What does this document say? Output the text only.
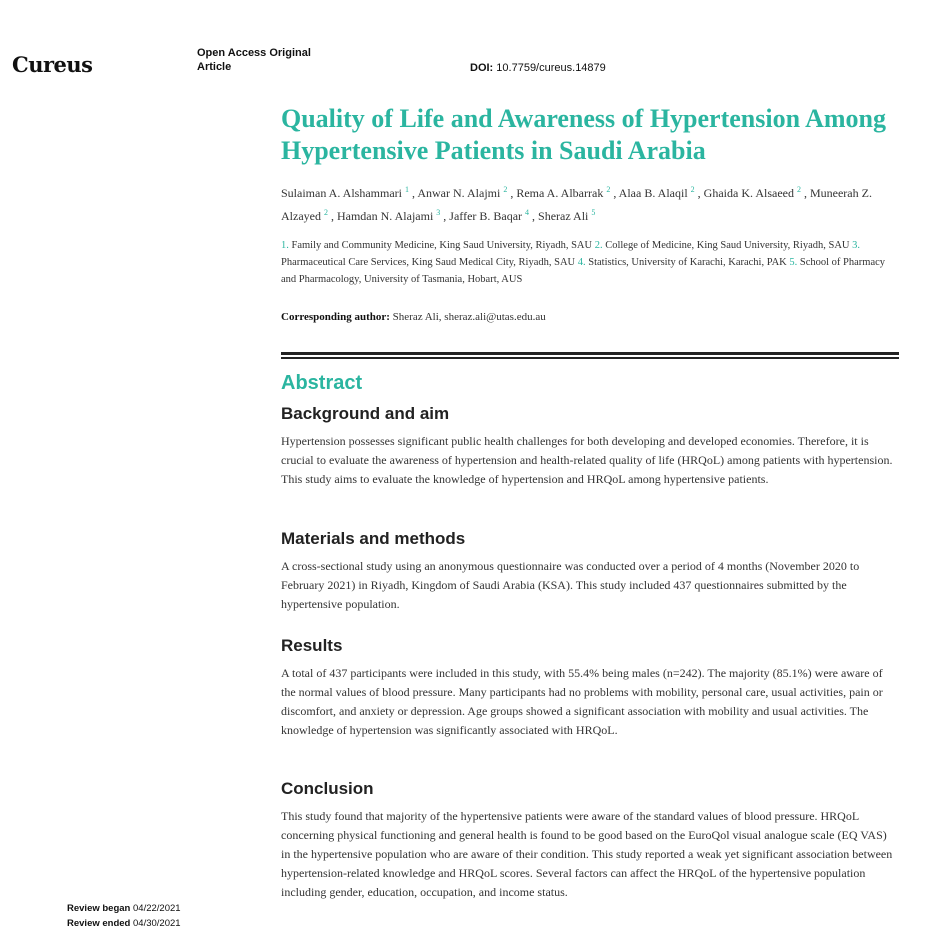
Cureus	Open Access Original Article	DOI: 10.7759/cureus.14879
Quality of Life and Awareness of Hypertension Among Hypertensive Patients in Saudi Arabia
Sulaiman A. Alshammari $^1$ , Anwar N. Alajmi $^2$ , Rema A. Albarrak $^2$ , Alaa B. Alaqil $^2$ , Ghaida K. Alsaeed $^2$ , Muneerah Z. Alzayed $^2$ , Hamdan N. Alajami $^3$ , Jaffer B. Baqar $^4$ , Sheraz Ali $^5$
1. Family and Community Medicine, King Saud University, Riyadh, SAU 2. College of Medicine, King Saud University, Riyadh, SAU 3. Pharmaceutical Care Services, King Saud Medical City, Riyadh, SAU 4. Statistics, University of Karachi, Karachi, PAK 5. School of Pharmacy and Pharmacology, University of Tasmania, Hobart, AUS
Corresponding author: Sheraz Ali, sheraz.ali@utas.edu.au
Abstract
Background and aim

Hypertension possesses significant public health challenges for both developing and developed economies. Therefore, it is crucial to evaluate the awareness of hypertension and health-related quality of life (HRQoL) among patients with hypertension. This study aims to evaluate the knowledge of hypertension and HRQoL among hypertensive patients.

Materials and methods

A cross-sectional study using an anonymous questionnaire was conducted over a period of 4 months (November 2020 to February 2021) in Riyadh, Kingdom of Saudi Arabia (KSA). This study included 437 questionnaires submitted by the hypertensive population.

Results

A total of 437 participants were included in this study, with 55.4% being males (n=242). The majority (85.1%) were aware of the normal values of blood pressure. Many participants had no problems with mobility, personal care, usual activities, pain or discomfort, and anxiety or depression. Age groups showed a significant association with mobility and usual activities. The knowledge of hypertension was significantly associated with HRQoL.

Conclusion

This study found that majority of the hypertensive patients were aware of the standard values of blood pressure. HRQoL concerning physical functioning and general health is found to be good based on the EuroQol visual analogue scale (EQ VAS) in the hypertensive population who are aware of their condition. This study reported a weak yet significant association between hypertension-related knowledge and HRQoL scores. Several factors can affect the HRQoL of the hypertensive population including gender, education, occupation, and income status.

Review began 04/22/2021
Review ended 04/30/2021
